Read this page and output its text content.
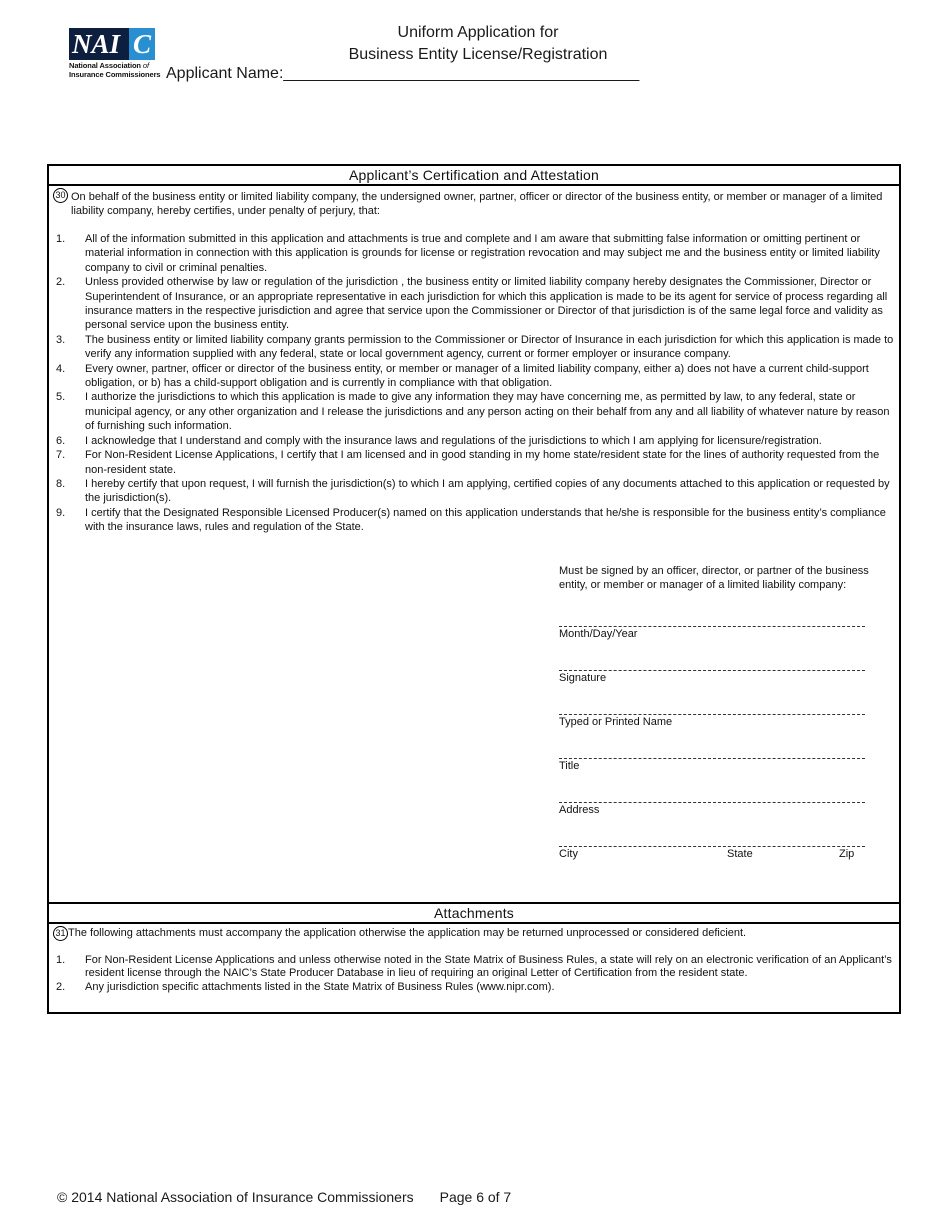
NAI C
National Association of
Insurance Commissioners
Uniform Application for
Business Entity License/Registration
Applicant Name:________________________________________
Applicant’s Certification and Attestation
30 On behalf of the business entity or limited liability company, the undersigned owner, partner, officer or director of the business entity, or member or manager of a limited liability company, hereby certifies, under penalty of perjury, that:
1.	All of the information submitted in this application and attachments is true and complete and I am aware that submitting false information or omitting pertinent or material information in connection with this application is grounds for license or registration revocation and may subject me and the business entity or limited liability company to civil or criminal penalties.
2.	Unless provided otherwise by law or regulation of the jurisdiction , the business entity or limited liability company hereby designates the Commissioner, Director or Superintendent of Insurance, or an appropriate representative in each jurisdiction for which this application is made to be its agent for service of process regarding all insurance matters in the respective jurisdiction and agree that service upon the Commissioner or Director of that jurisdiction is of the same legal force and validity as personal service upon the business entity.
3.	The business entity or limited liability company grants permission to the Commissioner or Director of Insurance in each jurisdiction for which this application is made to verify any information supplied with any federal, state or local government agency, current or former employer or insurance company.
4.	Every owner, partner, officer or director of the business entity, or member or manager of a limited liability company, either a) does not have a current child-support obligation, or b) has a child-support obligation and is currently in compliance with that obligation.
5.	I authorize the jurisdictions to which this application is made to give any information they may have concerning me, as permitted by law, to any federal, state or municipal agency, or any other organization and I release the jurisdictions and any person acting on their behalf from any and all liability of whatever nature by reason of furnishing such information.
6.	I acknowledge that I understand and comply with the insurance laws and regulations of the jurisdictions to which I am applying for licensure/registration.
7.	For Non-Resident License Applications, I certify that I am licensed and in good standing in my home state/resident state for the lines of authority requested from the non-resident state.
8.	I hereby certify that upon request, I will furnish the jurisdiction(s) to which I am applying, certified copies of any documents attached to this application or requested by the jurisdiction(s).
9.	I certify that the Designated Responsible Licensed Producer(s) named on this application understands that he/she is responsible for the business entity’s compliance with the insurance laws, rules and regulation of the State.
Must be signed by an officer, director, or partner of the business entity, or member or manager of a limited liability company:
Month/Day/Year
Signature
Typed or Printed Name
Title
Address
City	State	Zip
Attachments
31 The following attachments must accompany the application otherwise the application may be returned unprocessed or considered deficient.
1.	For Non-Resident License Applications and unless otherwise noted in the State Matrix of Business Rules, a state will rely on an electronic verification of an Applicant’s resident license through the NAIC’s State Producer Database in lieu of requiring an original Letter of Certification from the resident state.
2.	Any jurisdiction specific attachments listed in the State Matrix of Business Rules (www.nipr.com).
© 2014 National Association of Insurance Commissioners Page 6 of 7
